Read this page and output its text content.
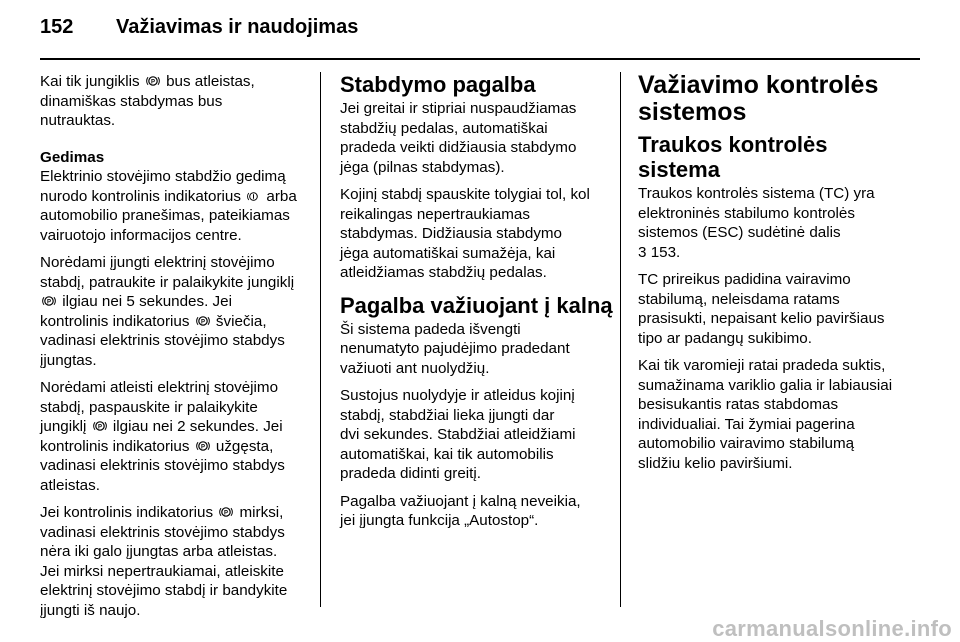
152 Važiavimas ir naudojimas

Kai tik jungiklis P bus atleistas,
dinamiškas stabdymas bus
nutrauktas.

Gedimas

Elektrinio stovėjimo stabdžio gedimą
nurodo kontrolinis indikatorius arba
automobilio pranešimas, pateikiamas
vairuotojo informacijos centre.

Norėdami įjungti elektrinį stovėjimo
stabdį, patraukite ir palaikykite jungiklį

P ilgiau nei 5 sekundes. Jei
kontrolinis indikatorius P šviečia,
vadinasi elektrinis stovėjimo stabdys
įjungtas.

Norėdami atleisti elektrinį stovėjimo
stabdį, paspauskite ir palaikykite
jungiklį P ilgiau nei 2 sekundes. Jei
kontrolinis indikatorius P užgęsta,
vadinasi elektrinis stovėjimo stabdys
atleistas.

Jei kontrolinis indikatorius P mirksi,
vadinasi elektrinis stovėjimo stabdys
nėra iki galo įjungtas arba atleistas.
Jei mirksi nepertraukiamai, atleiskite
elektrinį stovėjimo stabdį ir bandykite
įjungti iš naujo.

Stabdymo pagalba

Jei greitai ir stipriai nuspaudžiamas
stabdžių pedalas, automatiškai
pradeda veikti didžiausia stabdymo
jėga (pilnas stabdymas).

Kojinį stabdį spauskite tolygiai tol, kol
reikalingas nepertraukiamas
stabdymas. Didžiausia stabdymo
jėga automatiškai sumažėja, kai
atleidžiamas stabdžių pedalas.

Pagalba važiuojant į kalną

Ši sistema padeda išvengti
nenumatyto pajudėjimo pradedant
važiuoti ant nuolydžių.

Sustojus nuolydyje ir atleidus kojinį
stabdį, stabdžiai lieka įjungti dar
dvi sekundes. Stabdžiai atleidžiami
automatiškai, kai tik automobilis
pradeda didinti greitį.

Pagalba važiuojant į kalną neveikia,
jei įjungta funkcija „Autostop“.

Važiavimo kontrolės
sistemos
Traukos kontrolės sistema

Traukos kontrolės sistema (TC) yra
elektroninės stabilumo kontrolės
sistemos (ESC) sudėtinė dalis
3 153.

TC prireikus padidina vairavimo
stabilumą, neleisdama ratams
prasisukti, nepaisant kelio paviršiaus
tipo ar padangų sukibimo.

Kai tik varomieji ratai pradeda suktis,
sumažinama variklio galia ir labiausiai
besisukantis ratas stabdomas
individualiai. Tai žymiai pagerina
automobilio vairavimo stabilumą
slidžiu kelio paviršiumi.

carmanualsonline.info
